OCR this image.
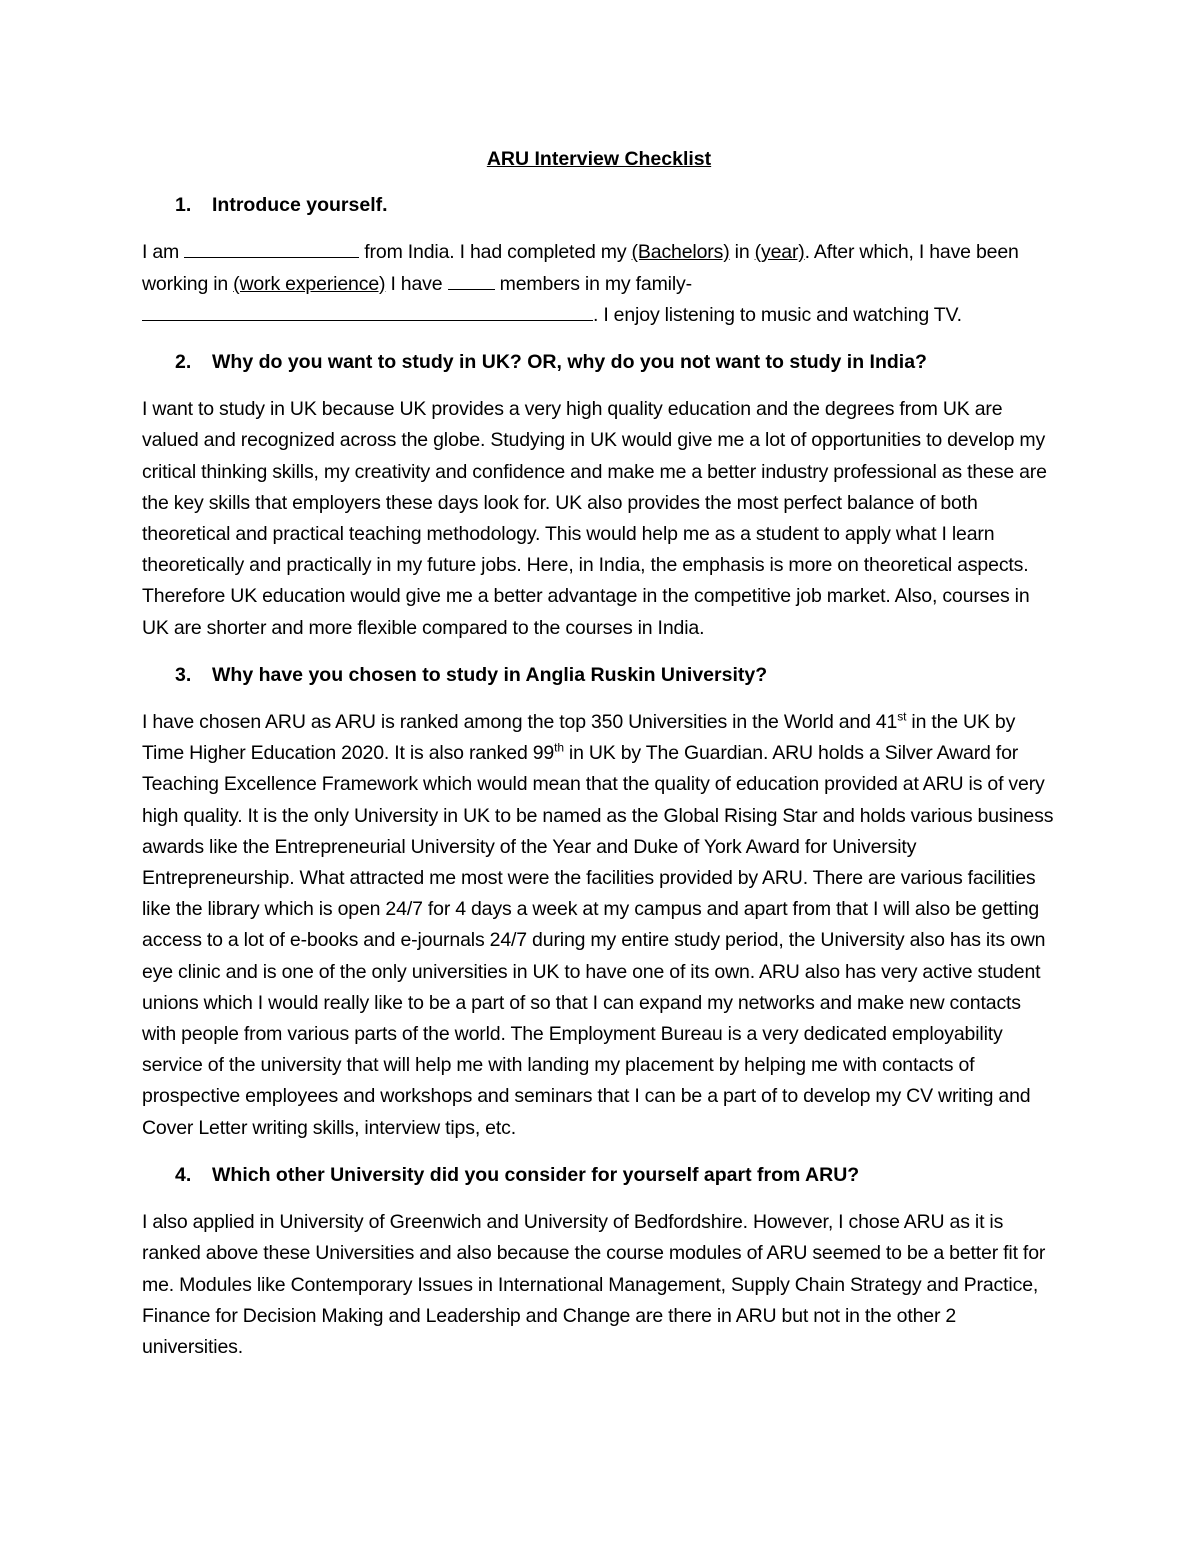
ARU Interview Checklist
1.	Introduce yourself.
I am	from India. I had completed my (Bachelors) in (year). After which, I have been working in (work experience) I have  members in my family-
. I enjoy listening to music and watching TV.
2.	Why do you want to study in UK? OR, why do you not want to study in India?
I want to study in UK because UK provides a very high quality education and the degrees from UK are valued and recognized across the globe. Studying in UK would give me a lot of opportunities to develop my critical thinking skills, my creativity and confidence and make me a better industry professional as these are the key skills that employers these days look for. UK also provides the most perfect balance of both theoretical and practical teaching methodology. This would help me as a student to apply what I learn theoretically and practically in my future jobs. Here, in India, the emphasis is more on theoretical aspects. Therefore UK education would give me a better advantage in the competitive job market. Also, courses in UK are shorter and more flexible compared to the courses in India.
3.	Why have you chosen to study in Anglia Ruskin University?
I have chosen ARU as ARU is ranked among the top 350 Universities in the World and 41st in the UK by Time Higher Education 2020. It is also ranked 99th in UK by The Guardian. ARU holds a Silver Award for Teaching Excellence Framework which would mean that the quality of education provided at ARU is of very high quality. It is the only University in UK to be named as the Global Rising Star and holds various business awards like the Entrepreneurial University of the Year and Duke of York Award for University Entrepreneurship. What attracted me most were the facilities provided by ARU. There are various facilities like the library which is open 24/7 for 4 days a week at my campus and apart from that I will also be getting access to a lot of e-books and e-journals 24/7 during my entire study period, the University also has its own eye clinic and is one of the only universities in UK to have one of its own. ARU also has very active student unions which I would really like to be a part of so that I can expand my networks and make new contacts with people from various parts of the world. The Employment Bureau is a very dedicated employability service of the university that will help me with landing my placement by helping me with contacts of prospective employees and workshops and seminars that I can be a part of to develop my CV writing and Cover Letter writing skills, interview tips, etc.
4.	Which other University did you consider for yourself apart from ARU?
I also applied in University of Greenwich and University of Bedfordshire. However, I chose ARU as it is ranked above these Universities and also because the course modules of ARU seemed to be a better fit for me. Modules like Contemporary Issues in International Management, Supply Chain Strategy and Practice, Finance for Decision Making and Leadership and Change are there in ARU but not in the other 2 universities.
